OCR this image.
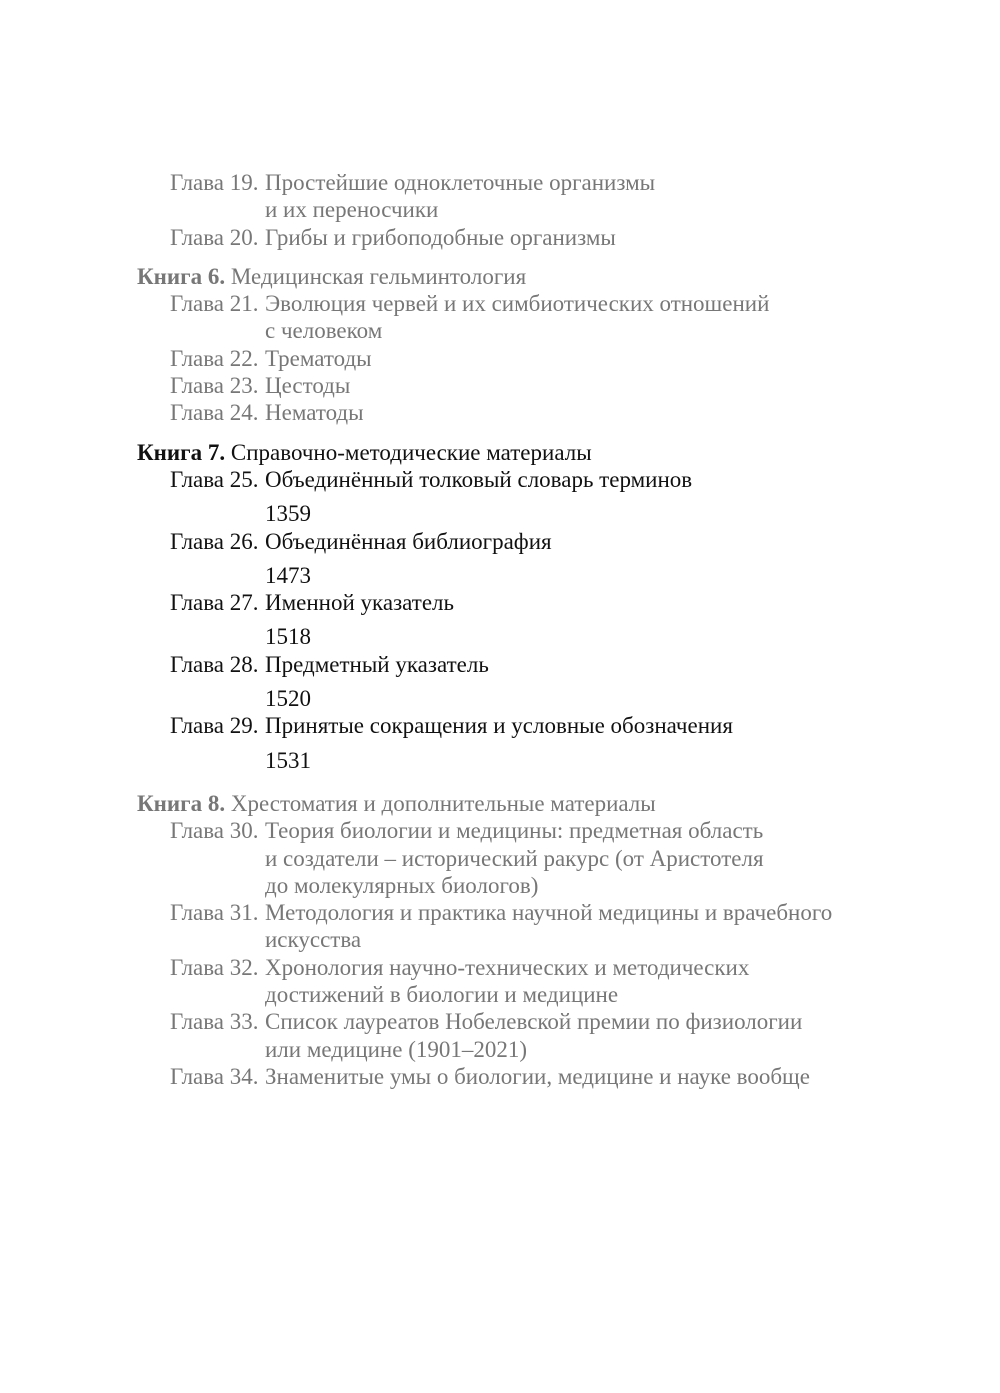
Глава 19. Простейшие одноклеточные организмы
и их переносчики
Глава 20. Грибы и грибоподобные организмы
Книга 6. Медицинская гельминтология
Глава 21. Эволюция червей и их симбиотических отношений
с человеком
Глава 22. Трематоды
Глава 23. Цестоды
Глава 24. Нематоды
Книга 7. Справочно-методические материалы
Глава 25. Объединённый толковый словарь терминов
1359
Глава 26. Объединённая библиография
1473
Глава 27. Именной указатель
1518
Глава 28. Предметный указатель
1520
Глава 29. Принятые сокращения и условные обозначения
1531
Книга 8. Хрестоматия и дополнительные материалы
Глава 30. Теория биологии и медицины: предметная область
и создатели – исторический ракурс (от Аристотеля
до молекулярных биологов)
Глава 31. Методология и практика научной медицины и врачебного
искусства
Глава 32. Хронология научно-технических и методических
достижений в биологии и медицине
Глава 33. Список лауреатов Нобелевской премии по физиологии
или медицине (1901–2021)
Глава 34. Знаменитые умы о биологии, медицине и науке вообще
